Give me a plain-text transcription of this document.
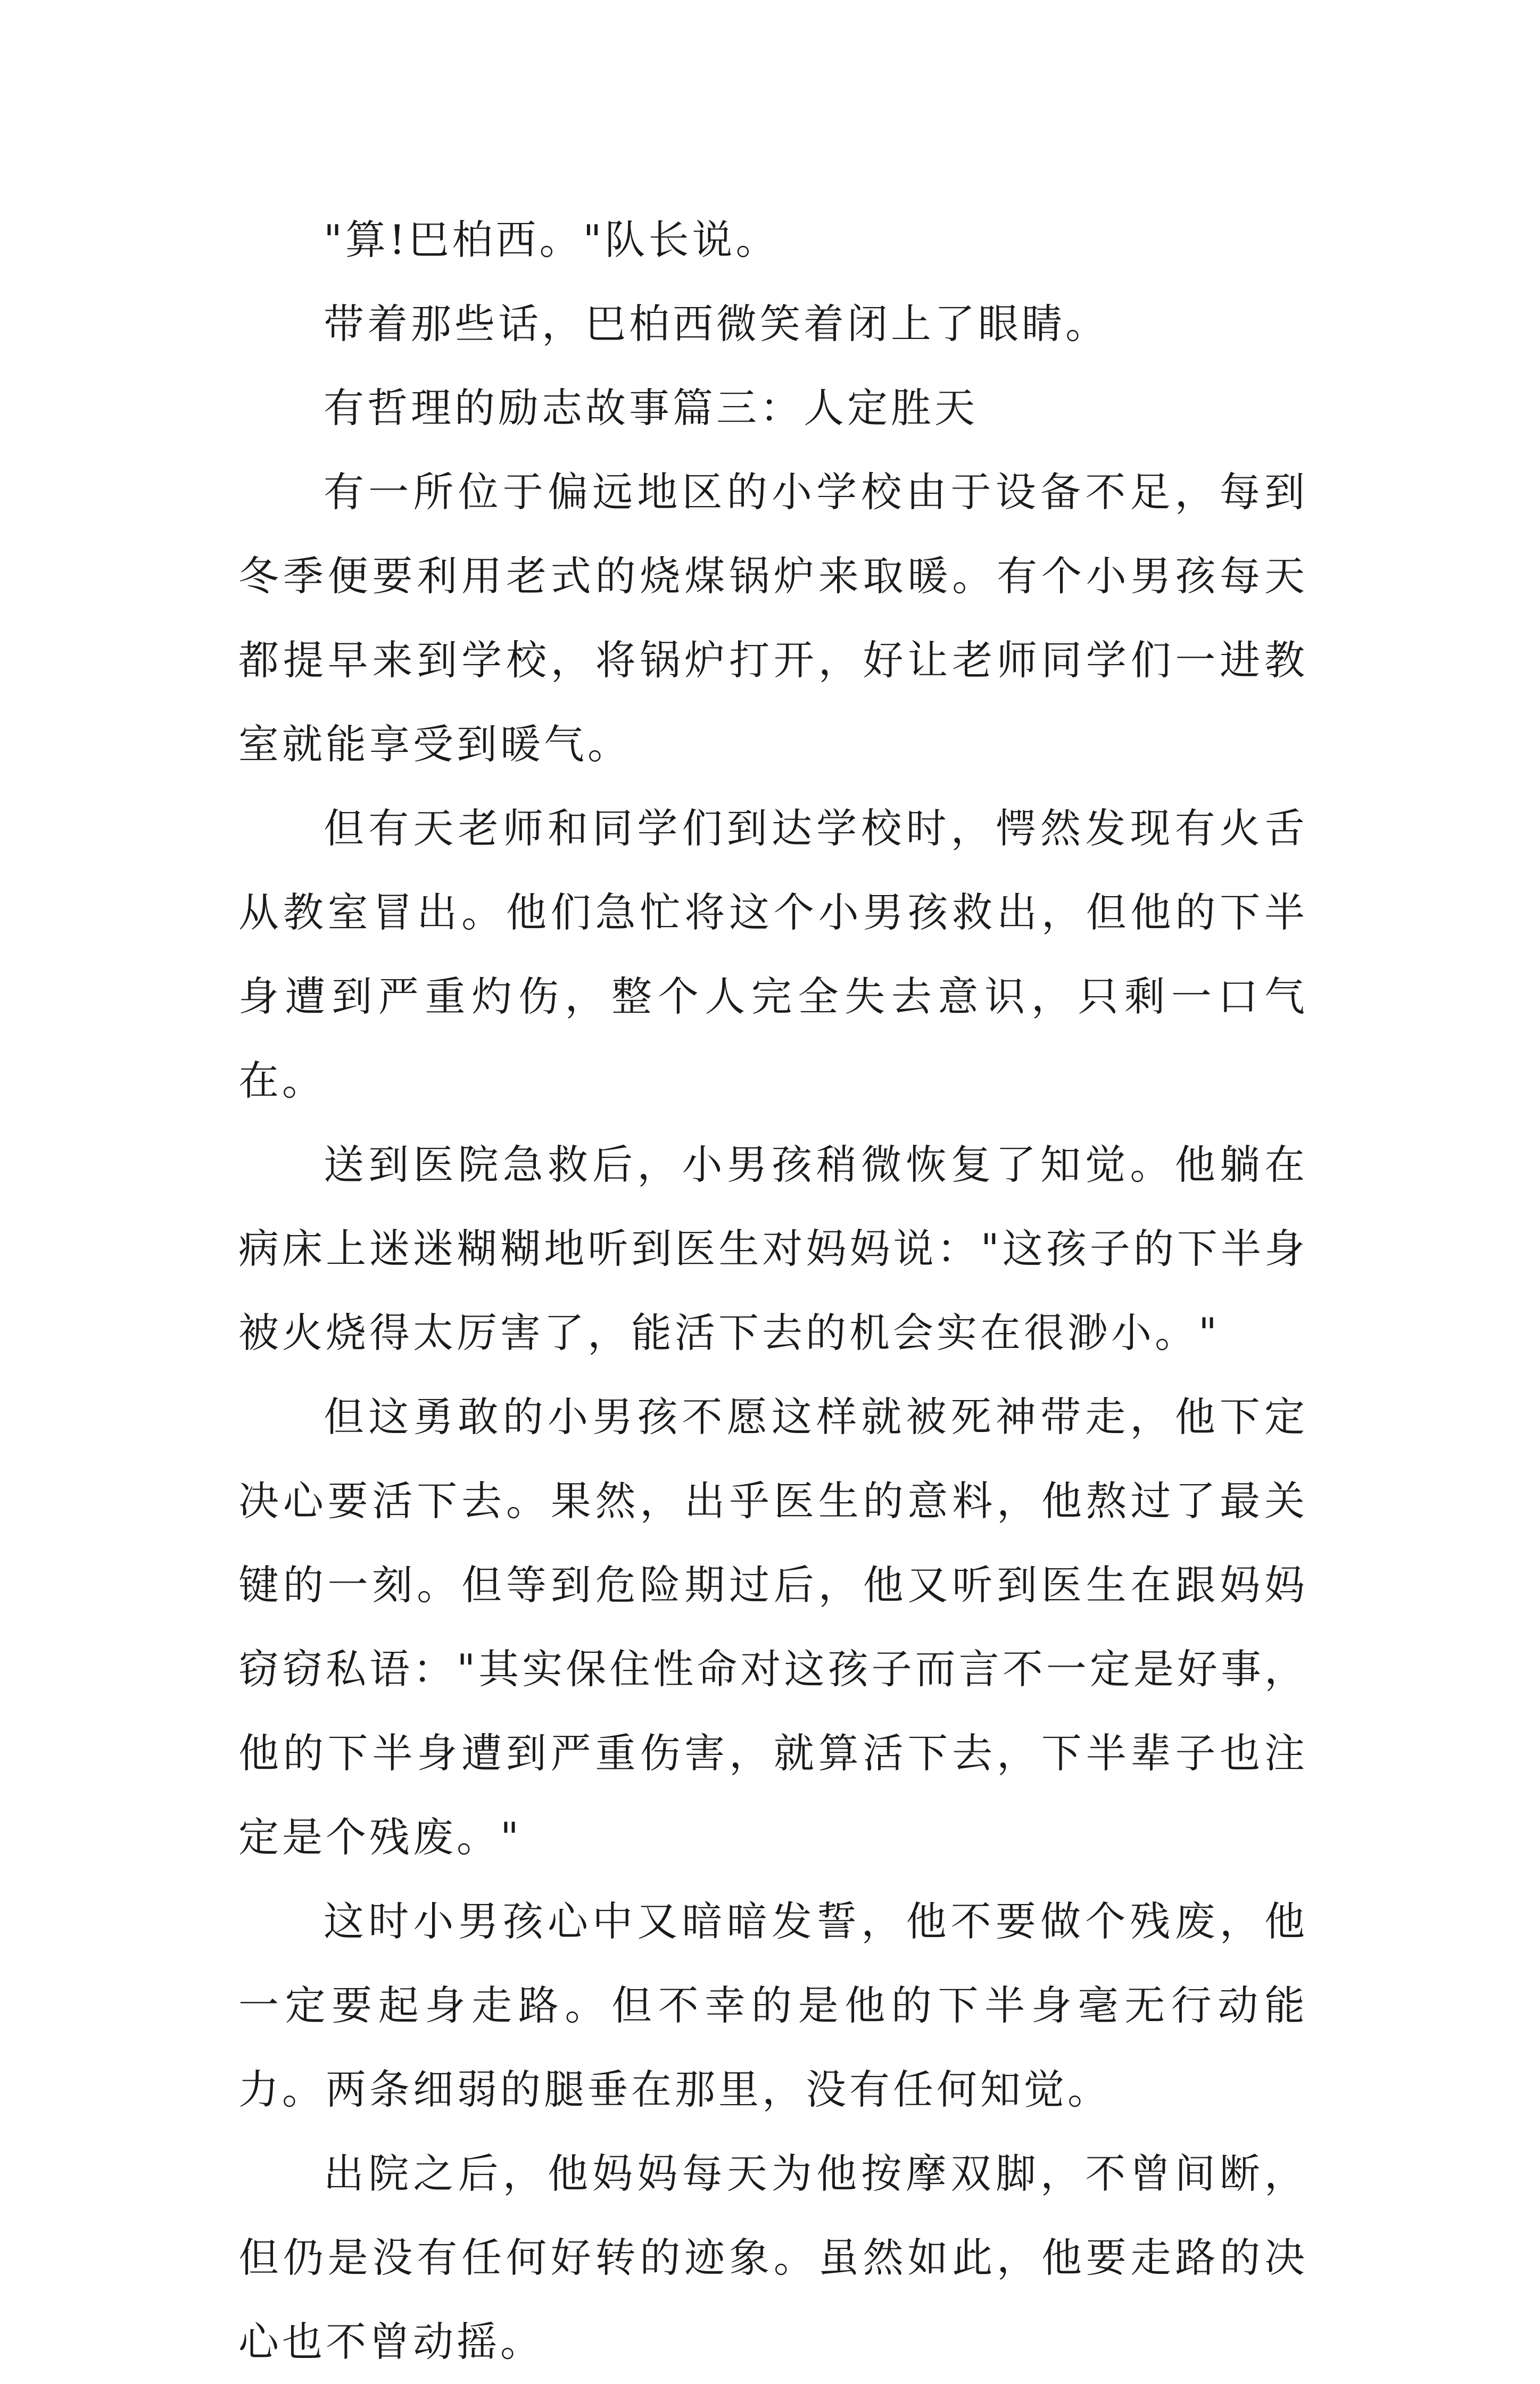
"算!巴柏西。"队长说。

带着那些话，巴柏西微笑着闭上了眼睛。

有哲理的励志故事篇三：人定胜天

有一所位于偏远地区的小学校由于设备不足，每到冬季便要利用老式的烧煤锅炉来取暖。有个小男孩每天都提早来到学校，将锅炉打开，好让老师同学们一进教室就能享受到暖气。

但有天老师和同学们到达学校时，愕然发现有火舌从教室冒出。他们急忙将这个小男孩救出，但他的下半身遭到严重灼伤，整个人完全失去意识，只剩一口气在。

送到医院急救后，小男孩稍微恢复了知觉。他躺在病床上迷迷糊糊地听到医生对妈妈说："这孩子的下半身被火烧得太厉害了，能活下去的机会实在很渺小。"

但这勇敢的小男孩不愿这样就被死神带走，他下定决心要活下去。果然，出乎医生的意料，他熬过了最关键的一刻。但等到危险期过后，他又听到医生在跟妈妈窃窃私语："其实保住性命对这孩子而言不一定是好事，他的下半身遭到严重伤害，就算活下去，下半辈子也注定是个残废。"

这时小男孩心中又暗暗发誓，他不要做个残废，他一定要起身走路。但不幸的是他的下半身毫无行动能力。两条细弱的腿垂在那里，没有任何知觉。

出院之后，他妈妈每天为他按摩双脚，不曾间断，但仍是没有任何好转的迹象。虽然如此，他要走路的决心也不曾动摇。
